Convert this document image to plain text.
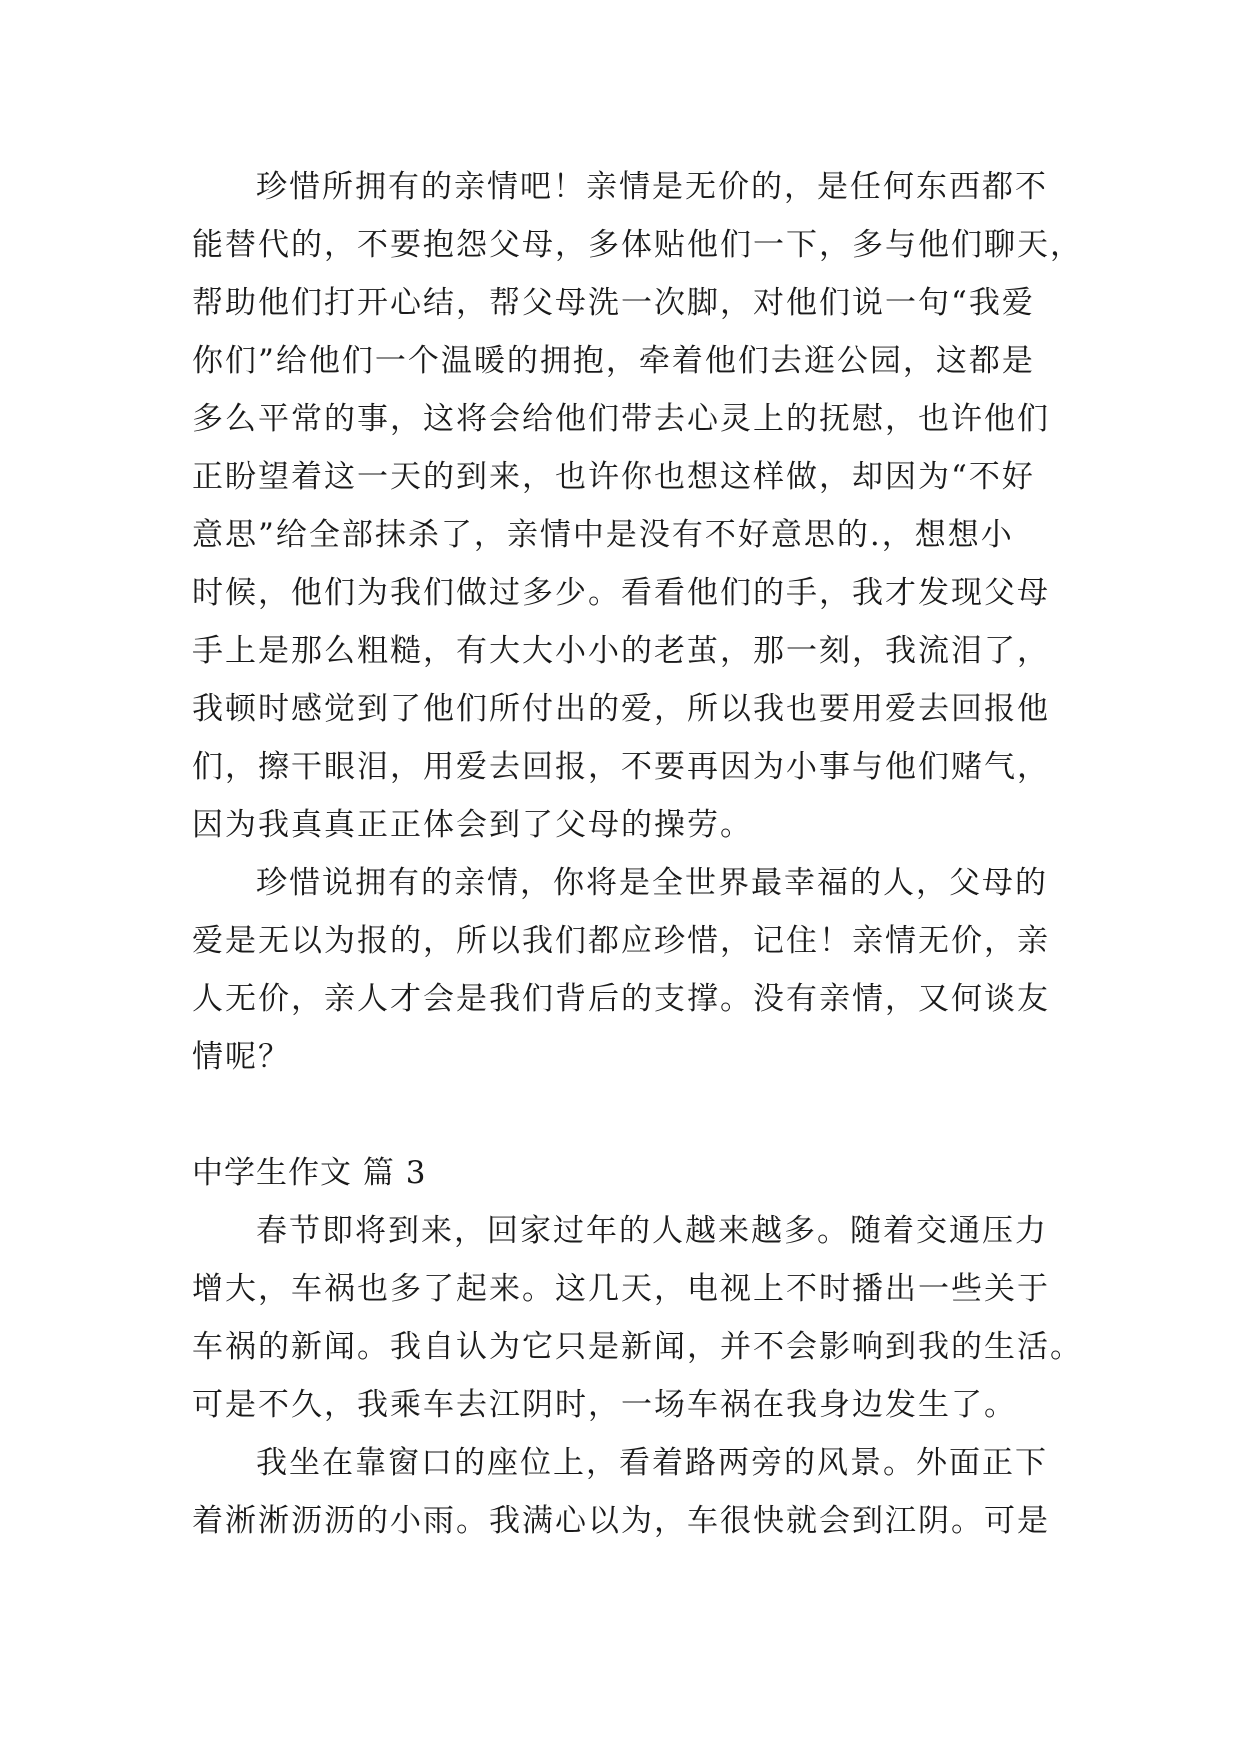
珍惜所拥有的亲情吧！亲情是无价的，是任何东西都不
能替代的，不要抱怨父母，多体贴他们一下，多与他们聊天，
帮助他们打开心结，帮父母洗一次脚，对他们说一句“我爱
你们”给他们一个温暖的拥抱，牵着他们去逛公园，这都是
多么平常的事，这将会给他们带去心灵上的抚慰，也许他们
正盼望着这一天的到来，也许你也想这样做，却因为“不好
意思”给全部抹杀了，亲情中是没有不好意思的.，想想小
时候，他们为我们做过多少。看看他们的手，我才发现父母
手上是那么粗糙，有大大小小的老茧，那一刻，我流泪了，
我顿时感觉到了他们所付出的爱，所以我也要用爱去回报他
们，擦干眼泪，用爱去回报，不要再因为小事与他们赌气，
因为我真真正正体会到了父母的操劳。
珍惜说拥有的亲情，你将是全世界最幸福的人，父母的
爱是无以为报的，所以我们都应珍惜，记住！亲情无价，亲
人无价，亲人才会是我们背后的支撑。没有亲情，又何谈友
情呢？
中学生作文 篇 3
春节即将到来，回家过年的人越来越多。随着交通压力
增大，车祸也多了起来。这几天，电视上不时播出一些关于
车祸的新闻。我自认为它只是新闻，并不会影响到我的生活。
可是不久，我乘车去江阴时，一场车祸在我身边发生了。
我坐在靠窗口的座位上，看着路两旁的风景。外面正下
着淅淅沥沥的小雨。我满心以为，车很快就会到江阴。可是
